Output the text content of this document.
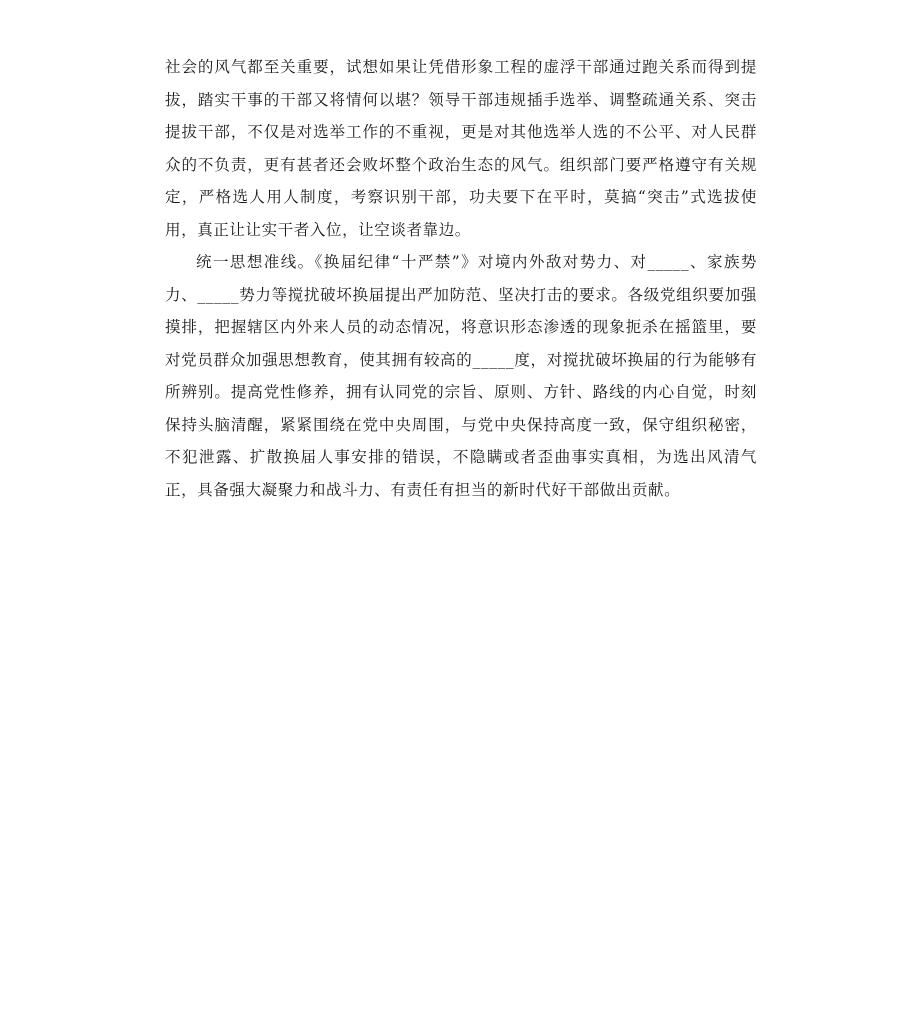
社会的风气都至关重要，试想如果让凭借形象工程的虚浮干部通过跑关系而得到提拔，踏实干事的干部又将情何以堪？领导干部违规插手选举、调整疏通关系、突击提拔干部，不仅是对选举工作的不重视，更是对其他选举人选的不公平、对人民群众的不负责，更有甚者还会败坏整个政治生态的风气。组织部门要严格遵守有关规定，严格选人用人制度，考察识别干部，功夫要下在平时，莫搞“突击”式选拔使用，真正让让实干者入位，让空谈者靠边。

统一思想准线。《换届纪律“十严禁”》对境内外敌对势力、对_____、家族势力、_____势力等搅扰破坏换届提出严加防范、坚决打击的要求。各级党组织要加强摸排，把握辖区内外来人员的动态情况，将意识形态渗透的现象扼杀在摇篮里，要对党员群众加强思想教育，使其拥有较高的_____度，对搅扰破坏换届的行为能够有所辨别。提高党性修养，拥有认同党的宗旨、原则、方针、路线的内心自觉，时刻保持头脑清醒，紧紧围绕在党中央周围，与党中央保持高度一致，保守组织秘密，不犯泄露、扩散换届人事安排的错误，不隐瞒或者歪曲事实真相，为选出风清气正，具备强大凝聚力和战斗力、有责任有担当的新时代好干部做出贡献。
